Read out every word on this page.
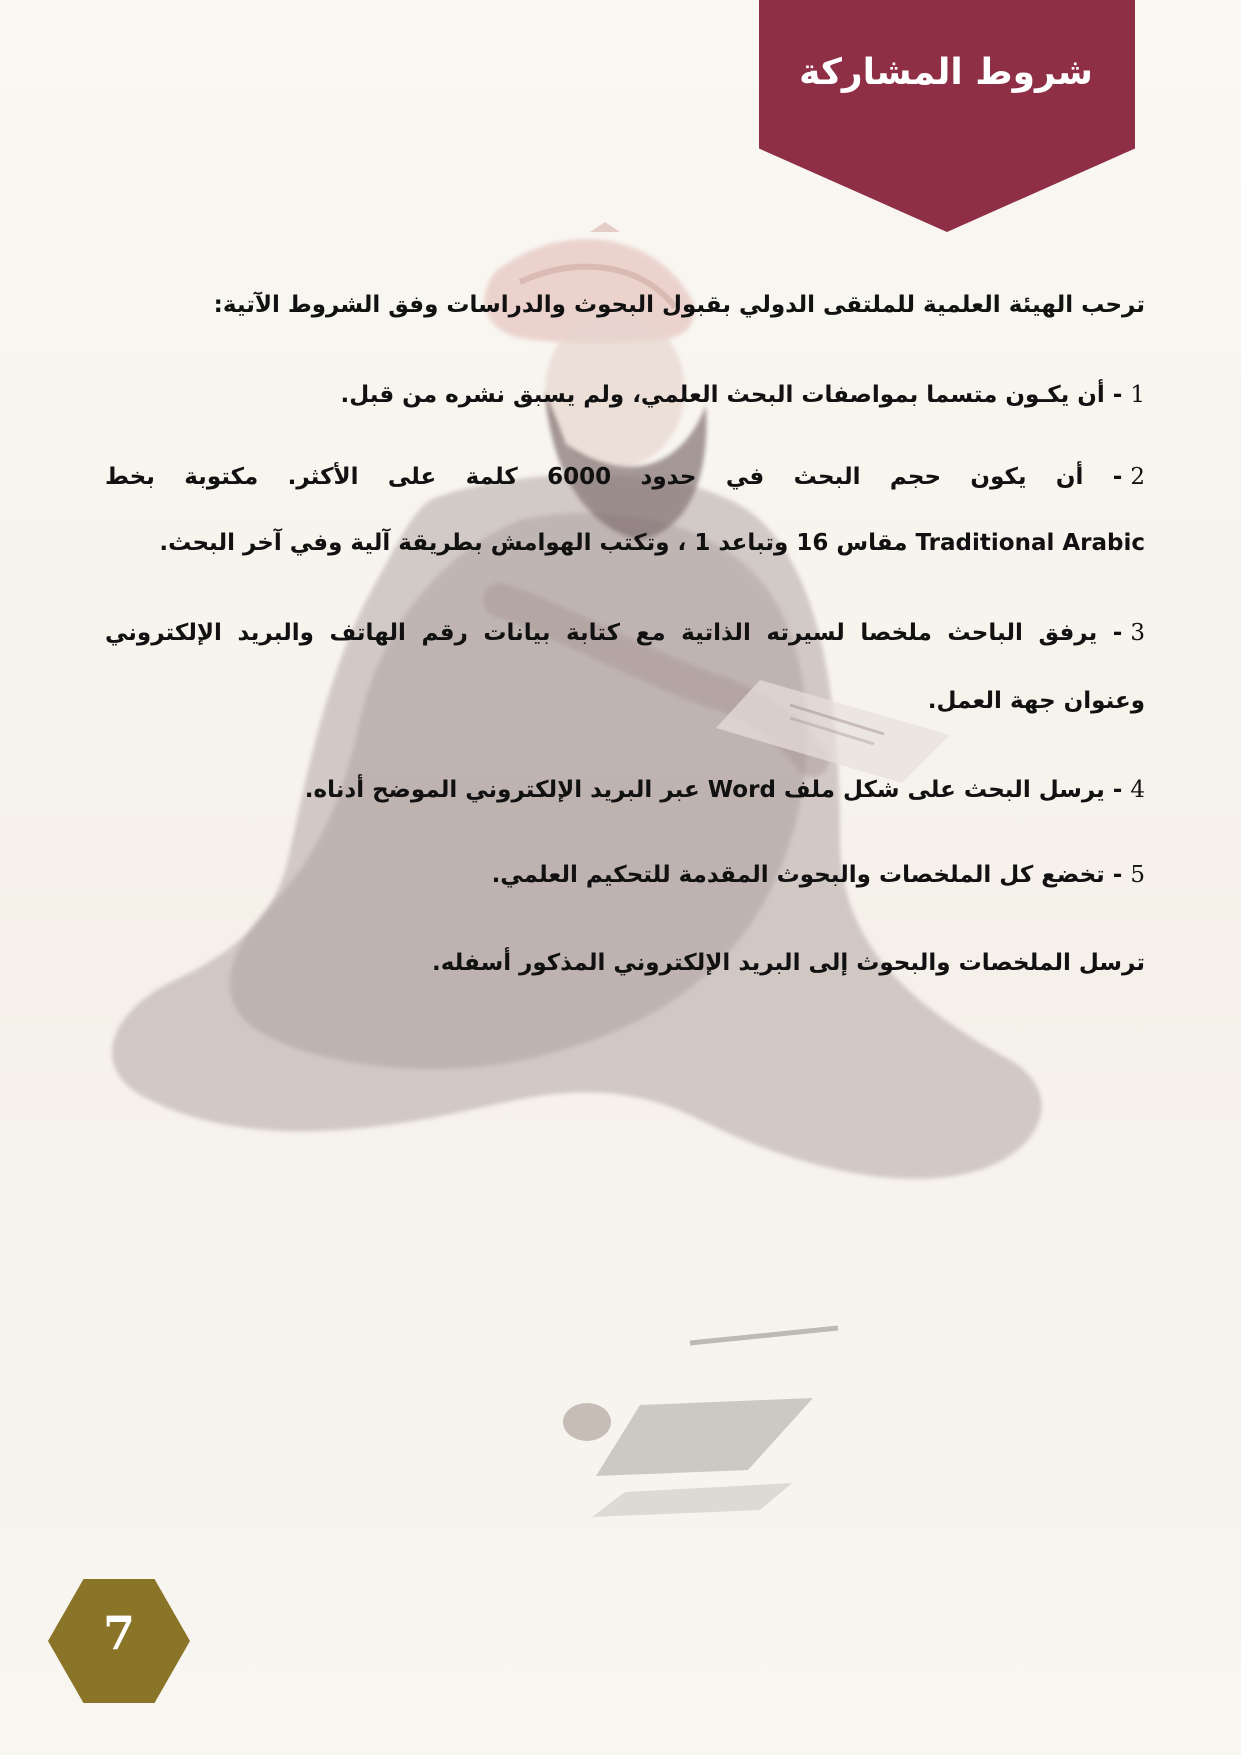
شروط المشاركة
ترحب الهيئة العلمية للملتقى الدولي بقبول البحوث والدراسات وفق الشروط الآتية:
1- أن يكـون متسما بمواصفات البحث العلمي، ولم يسبق نشره من قبل.
2- أن يكون حجم البحث في حدود 6000 كلمة على الأكثر. مكتوبة بخط
Traditional Arabic مقاس 16 وتباعد 1 ، وتكتب الهوامش بطريقة آلية وفي آخر البحث.
3- يرفق الباحث ملخصا لسيرته الذاتية مع كتابة بيانات رقم الهاتف والبريد الإلكتروني
وعنوان جهة العمل.
4- يرسل البحث على شكل ملف Word عبر البريد الإلكتروني الموضح أدناه.
5- تخضع كل الملخصات والبحوث المقدمة للتحكيم العلمي.
ترسل الملخصات والبحوث إلى البريد الإلكتروني المذكور أسفله.
7
